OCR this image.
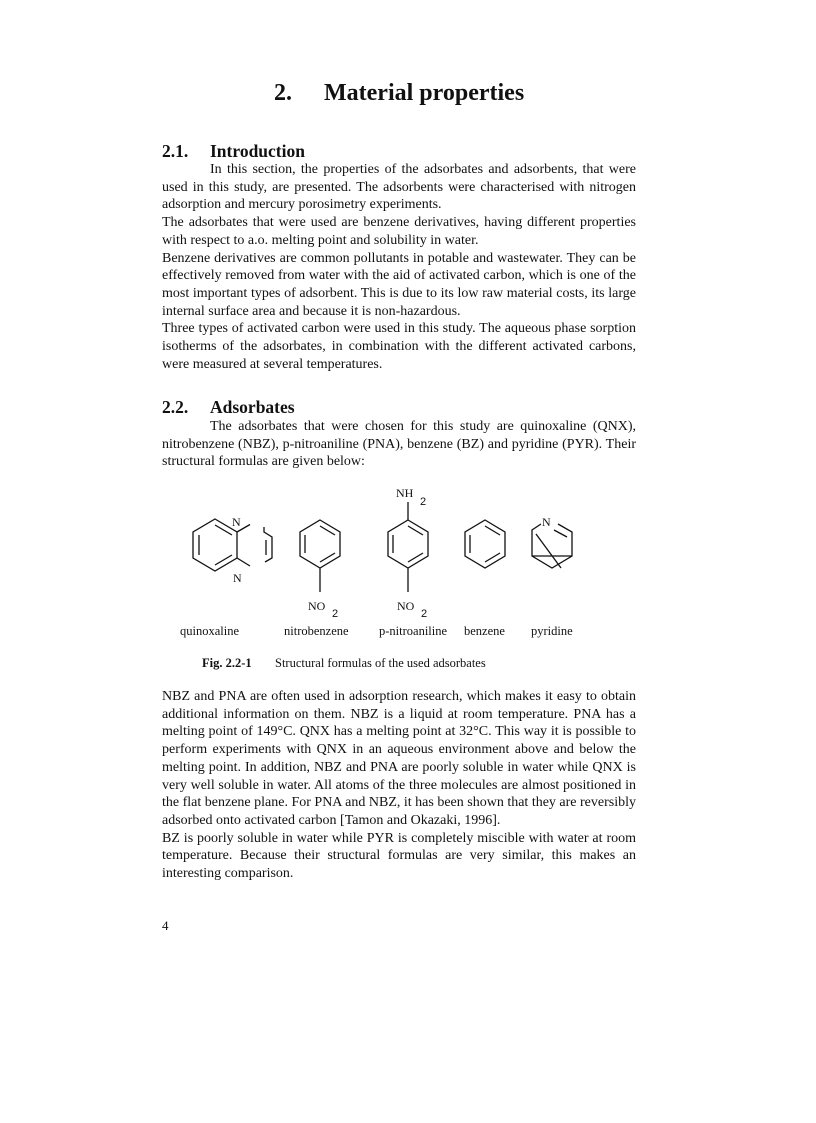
2. Material properties
2.1. Introduction

In this section, the properties of the adsorbates and adsorbents, that were used in this study, are presented. The adsorbents were characterised with nitrogen adsorption and mercury porosimetry experiments.

The adsorbates that were used are benzene derivatives, having different properties with respect to a.o. melting point and solubility in water.

Benzene derivatives are common pollutants in potable and wastewater. They can be effectively removed from water with the aid of activated carbon, which is one of the most important types of adsorbent. This is due to its low raw material costs, its large internal surface area and because it is non-hazardous.

Three types of activated carbon were used in this study. The aqueous phase sorption isotherms of the adsorbates, in combination with the different activated carbons, were measured at several temperatures.

2.2. Adsorbates

The adsorbates that were chosen for this study are quinoxaline (QNX), nitrobenzene (NBZ), p-nitroaniline (PNA), benzene (BZ) and pyridine (PYR). Their structural formulas are given below:

N
N
N
NH
2
NO
2
NO
2
quinoxaline	nitrobenzene p-nitroaniline benzene pyridine
Fig. 2.2-1 Structural formulas of the used adsorbates

NBZ and PNA are often used in adsorption research, which makes it easy to obtain additional information on them. NBZ is a liquid at room temperature. PNA has a melting point of 149°C. QNX has a melting point at 32°C. This way it is possible to perform experiments with QNX in an aqueous environment above and below the melting point. In addition, NBZ and PNA are poorly soluble in water while QNX is very well soluble in water. All atoms of the three molecules are almost positioned in the flat benzene plane. For PNA and NBZ, it has been shown that they are reversibly adsorbed onto activated carbon [Tamon and Okazaki, 1996].

BZ is poorly soluble in water while PYR is completely miscible with water at room temperature. Because their structural formulas are very similar, this makes an interesting comparison.

4
